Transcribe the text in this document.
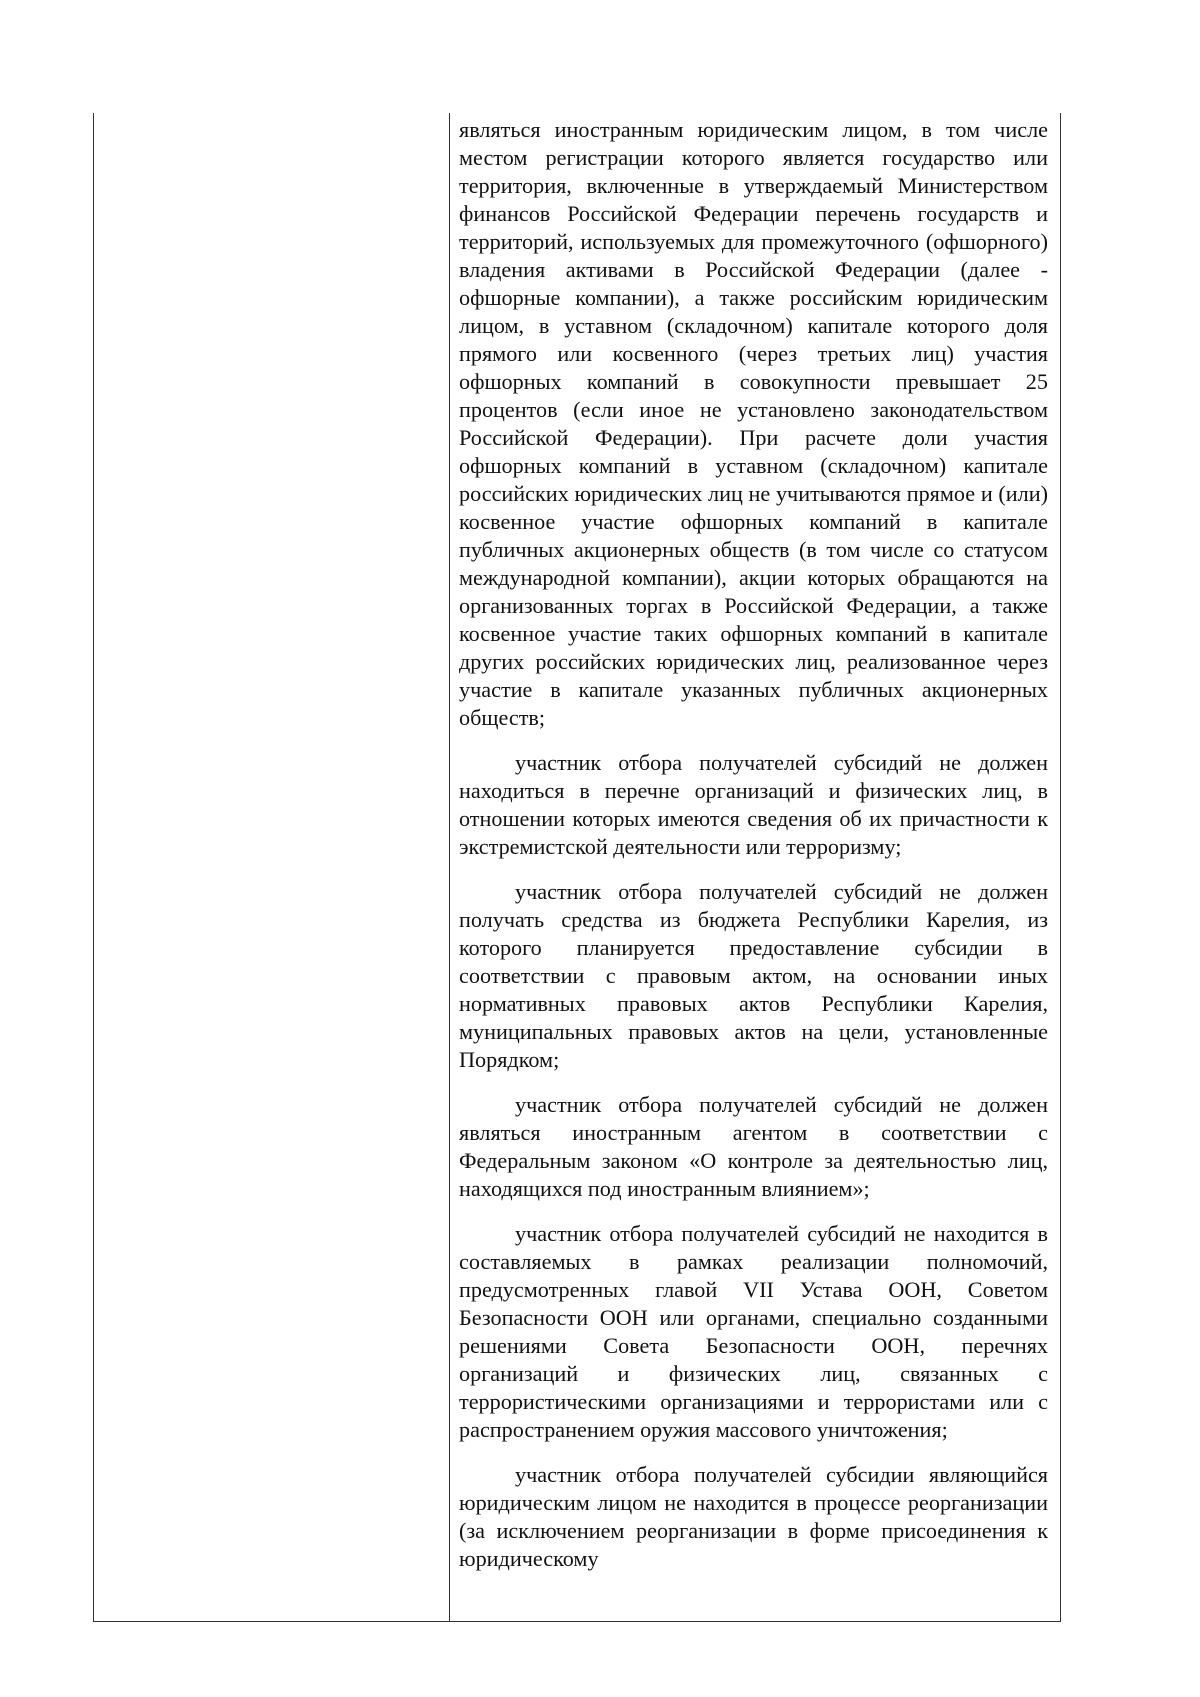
являться иностранным юридическим лицом, в том числе местом регистрации которого является государство или территория, включенные в утверждаемый Министерством финансов Российской Федерации перечень государств и территорий, используемых для промежуточного (офшорного) владения активами в Российской Федерации (далее - офшорные компании), а также российским юридическим лицом, в уставном (складочном) капитале которого доля прямого или косвенного (через третьих лиц) участия офшорных компаний в совокупности превышает 25 процентов (если иное не установлено законодательством Российской Федерации). При расчете доли участия офшорных компаний в уставном (складочном) капитале российских юридических лиц не учитываются прямое и (или) косвенное участие офшорных компаний в капитале публичных акционерных обществ (в том числе со статусом международной компании), акции которых обращаются на организованных торгах в Российской Федерации, а также косвенное участие таких офшорных компаний в капитале других российских юридических лиц, реализованное через участие в капитале указанных публичных акционерных обществ;

участник отбора получателей субсидий не должен находиться в перечне организаций и физических лиц, в отношении которых имеются сведения об их причастности к экстремистской деятельности или терроризму;

участник отбора получателей субсидий не должен получать средства из бюджета Республики Карелия, из которого планируется предоставление субсидии в соответствии с правовым актом, на основании иных нормативных правовых актов Республики Карелия, муниципальных правовых актов на цели, установленные Порядком;

участник отбора получателей субсидий не должен являться иностранным агентом в соответствии с Федеральным законом «О контроле за деятельностью лиц, находящихся под иностранным влиянием»;

участник отбора получателей субсидий не находится в составляемых в рамках реализации полномочий, предусмотренных главой VII Устава ООН, Советом Безопасности ООН или органами, специально созданными решениями Совета Безопасности ООН, перечнях организаций и физических лиц, связанных с террористическими организациями и террористами или с распространением оружия массового уничтожения;

участник отбора получателей субсидии являющийся юридическим лицом не находится в процессе реорганизации (за исключением реорганизации в форме присоединения к юридическому
